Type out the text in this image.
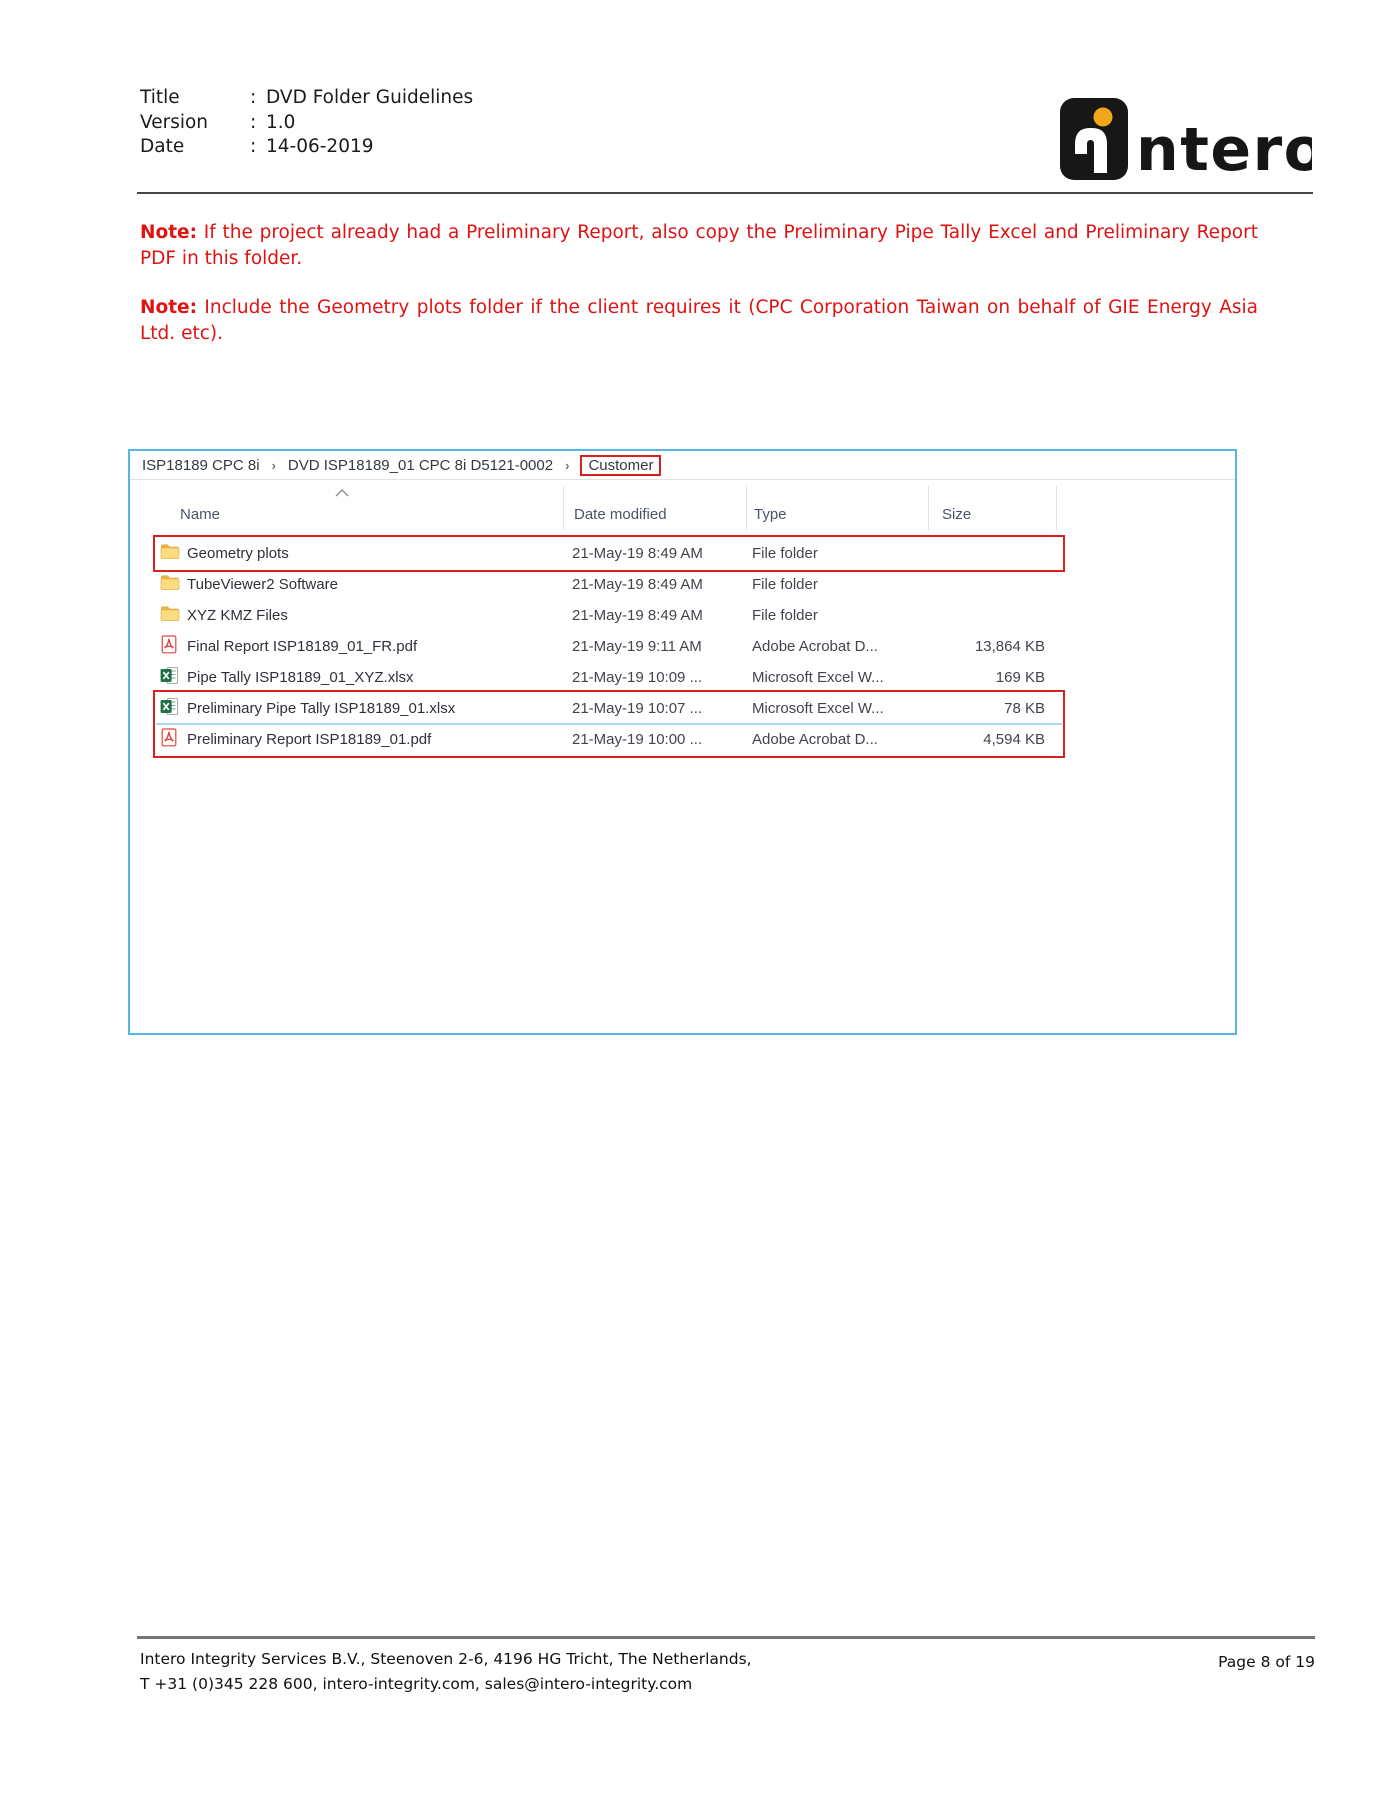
Title	: DVD Folder Guidelines
Version	: 1.0
Date	: 14-06-2019	ntero
Note: If the project already had a Preliminary Report, also copy the Preliminary Pipe Tally Excel and Preliminary Report PDF in this folder.
Note: Include the Geometry plots folder if the client requires it (CPC Corporation Taiwan on behalf of GIE Energy Asia Ltd. etc).
ISP18189 CPC 8i › DVD ISP18189_01 CPC 8i D5121-0002 ›	Customer
Name	Date modified	Type	Size
Geometry plots	21-May-19 8:49 AM	File folder
TubeViewer2 Software	21-May-19 8:49 AM	File folder
XYZ KMZ Files	21-May-19 8:49 AM	File folder
Final Report ISP18189_01_FR.pdf	21-May-19 9:11 AM	Adobe Acrobat D...	13,864 KB
Pipe Tally ISP18189_01_XYZ.xlsx	21-May-19 10:09 ...	Microsoft Excel W...	169 KB
Preliminary Pipe Tally ISP18189_01.xlsx	21-May-19 10:07 ...	Microsoft Excel W...	78 KB
Preliminary Report ISP18189_01.pdf	21-May-19 10:00 ...	Adobe Acrobat D...	4,594 KB
Intero Integrity Services B.V., Steenoven 2-6, 4196 HG Tricht, The Netherlands,
T +31 (0)345 228 600, intero-integrity.com, sales@intero-integrity.com
Page 8 of 19
